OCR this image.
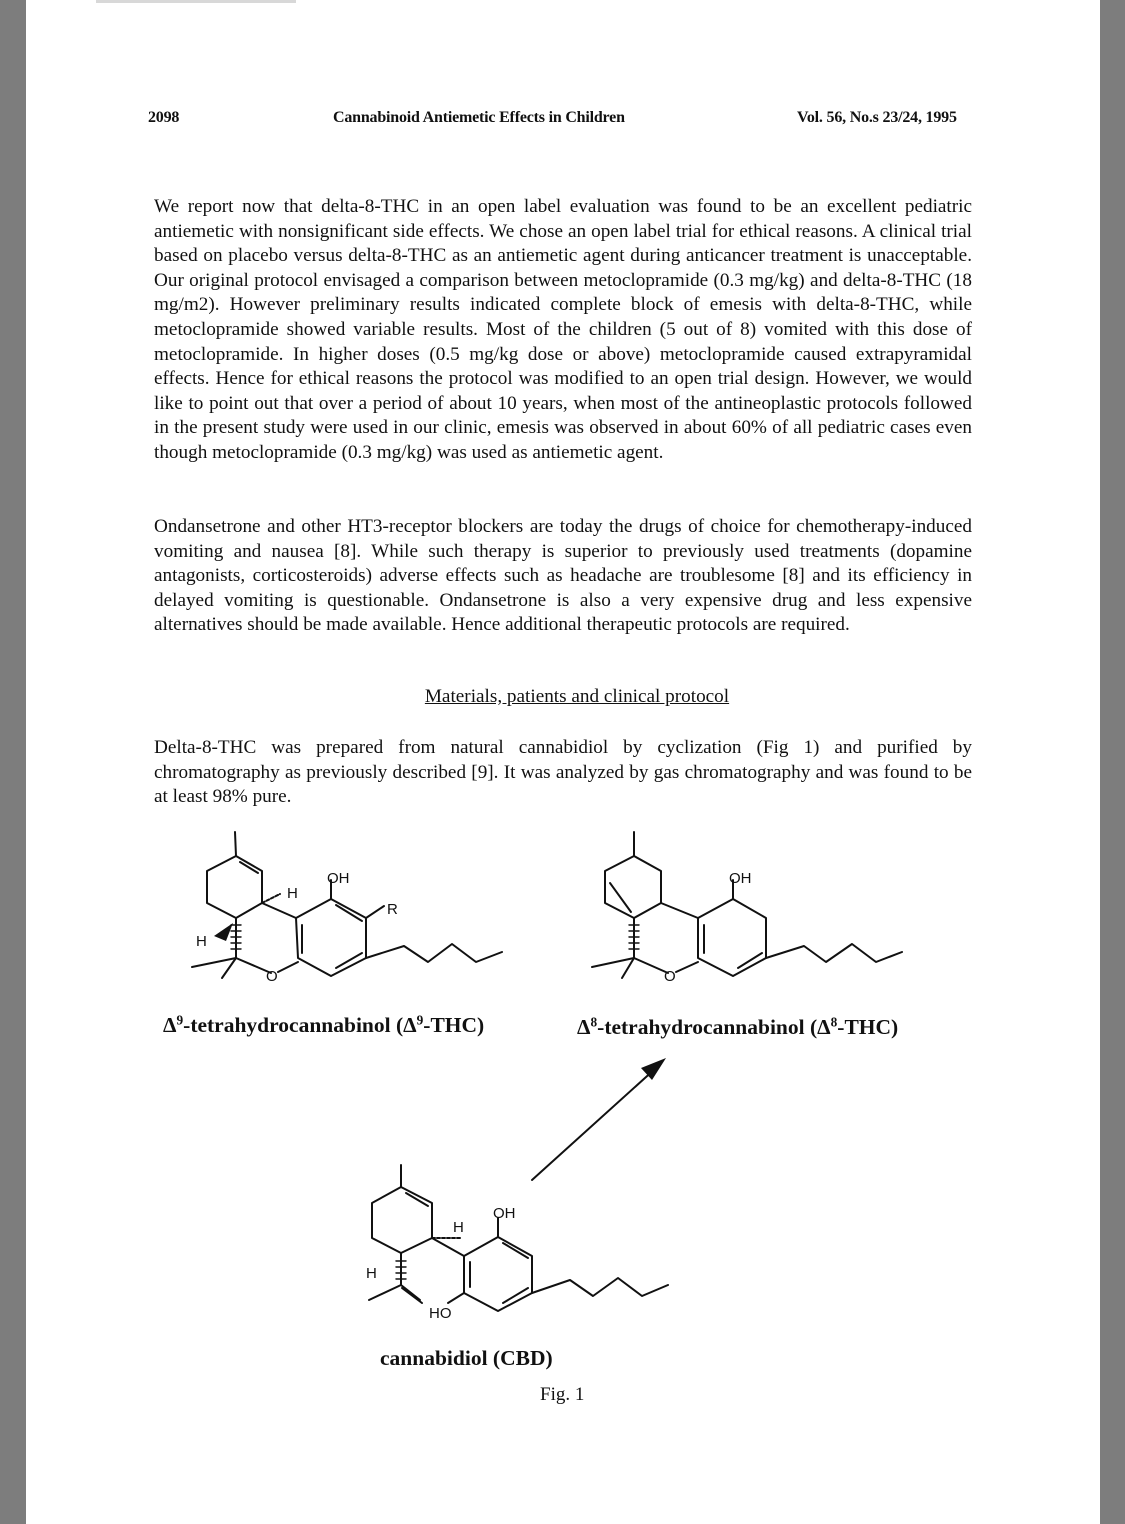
2098	Cannabinoid Antiemetic Effects in Children	Vol. 56, No.s 23/24, 1995

We report now that delta-8-THC in an open label evaluation was found to be an excellent pediatric antiemetic with nonsignificant side effects. We chose an open label trial for ethical reasons. A clinical trial based on placebo versus delta-8-THC as an antiemetic agent during anticancer treatment is unacceptable. Our original protocol envisaged a comparison between metoclopramide (0.3 mg/kg) and delta-8-THC (18 mg/m2). However preliminary results indicated complete block of emesis with delta-8-THC, while metoclopramide showed variable results. Most of the children (5 out of 8) vomited with this dose of metoclopramide. In higher doses (0.5 mg/kg dose or above) metoclopramide caused extrapyramidal effects. Hence for ethical reasons the protocol was modified to an open trial design. However, we would like to point out that over a period of about 10 years, when most of the antineoplastic protocols followed in the present study were used in our clinic, emesis was observed in about 60% of all pediatric cases even though metoclopramide (0.3 mg/kg) was used as antiemetic agent.

Ondansetrone and other HT3-receptor blockers are today the drugs of choice for chemotherapy-induced vomiting and nausea [8]. While such therapy is superior to previously used treatments (dopamine antagonists, corticosteroids) adverse effects such as headache are troublesome [8] and its efficiency in delayed vomiting is questionable. Ondansetrone is also a very expensive drug and less expensive alternatives should be made available. Hence additional therapeutic protocols are required.

Materials, patients and clinical protocol

Delta-8-THC was prepared from natural cannabidiol by cyclization (Fig 1) and purified by chromatography as previously described [9]. It was analyzed by gas chromatography and was found to be at least 98% pure.

OH
H
R
H
O
OH
O
OH
H
H
HO
$\Delta^9$-tetrahydrocannabinol $(\Delta^9-THC)$	$\Delta^8$-tetrahydrocannabinol $(\Delta^8-THC)$
cannabidiol (CBD)
Fig. 1
